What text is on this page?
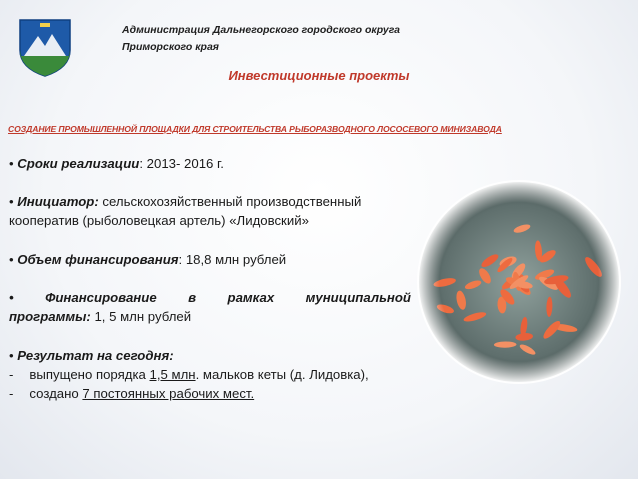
Администрация Дальнегорского городского округа
Приморского края
Инвестиционные проекты
СОЗДАНИЕ ПРОМЫШЛЕННОЙ ПЛОЩАДКИ ДЛЯ СТРОИТЕЛЬСТВА РЫБОРАЗВОДНОГО ЛОСОСЕВОГО МИНИЗАВОДА
• Сроки реализации: 2013- 2016 г.
• Инициатор: сельскохозяйственный производственный
кооператив (рыболовецкая артель) «Лидовский»
• Объем финансирования: 18,8 млн рублей
• Финансирование в рамках муниципальной
программы: 1, 5 млн рублей
• Результат на сегодня:
- выпущено порядка 1,5 млн. мальков кеты (д. Лидовка),
- создано 7 постоянных рабочих мест.
